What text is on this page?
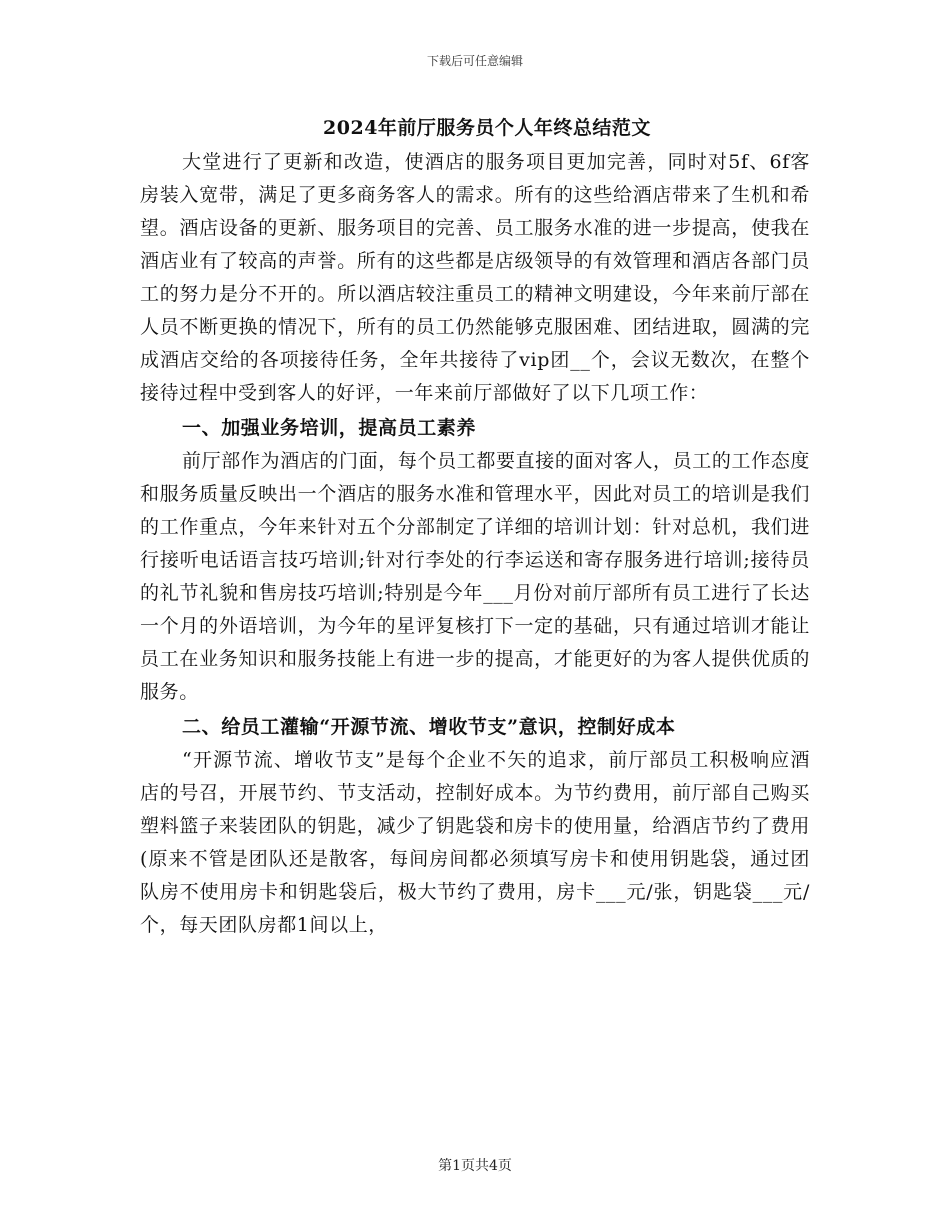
下载后可任意编辑
2024年前厅服务员个人年终总结范文

大堂进行了更新和改造，使酒店的服务项目更加完善，同时对5f、6f客房装入宽带，满足了更多商务客人的需求。所有的这些给酒店带来了生机和希望。酒店设备的更新、服务项目的完善、员工服务水准的进一步提高，使我在酒店业有了较高的声誉。所有的这些都是店级领导的有效管理和酒店各部门员工的努力是分不开的。所以酒店较注重员工的精神文明建设，今年来前厅部在人员不断更换的情况下，所有的员工仍然能够克服困难、团结进取，圆满的完成酒店交给的各项接待任务，全年共接待了vip团__个，会议无数次，在整个接待过程中受到客人的好评，一年来前厅部做好了以下几项工作：

一、加强业务培训，提高员工素养

前厅部作为酒店的门面，每个员工都要直接的面对客人，员工的工作态度和服务质量反映出一个酒店的服务水准和管理水平，因此对员工的培训是我们的工作重点，今年来针对五个分部制定了详细的培训计划：针对总机，我们进行接听电话语言技巧培训;针对行李处的行李运送和寄存服务进行培训;接待员的礼节礼貌和售房技巧培训;特别是今年___月份对前厅部所有员工进行了长达一个月的外语培训，为今年的星评复核打下一定的基础，只有通过培训才能让员工在业务知识和服务技能上有进一步的提高，才能更好的为客人提供优质的服务。

二、给员工灌输“开源节流、增收节支”意识，控制好成本

“开源节流、增收节支”是每个企业不矢的追求，前厅部员工积极响应酒店的号召，开展节约、节支活动，控制好成本。为节约费用，前厅部自己购买塑料篮子来装团队的钥匙，减少了钥匙袋和房卡的使用量，给酒店节约了费用(原来不管是团队还是散客，每间房间都必须填写房卡和使用钥匙袋，通过团队房不使用房卡和钥匙袋后，极大节约了费用，房卡___元/张，钥匙袋___元/个，每天团队房都1间以上，

第1页共4页
